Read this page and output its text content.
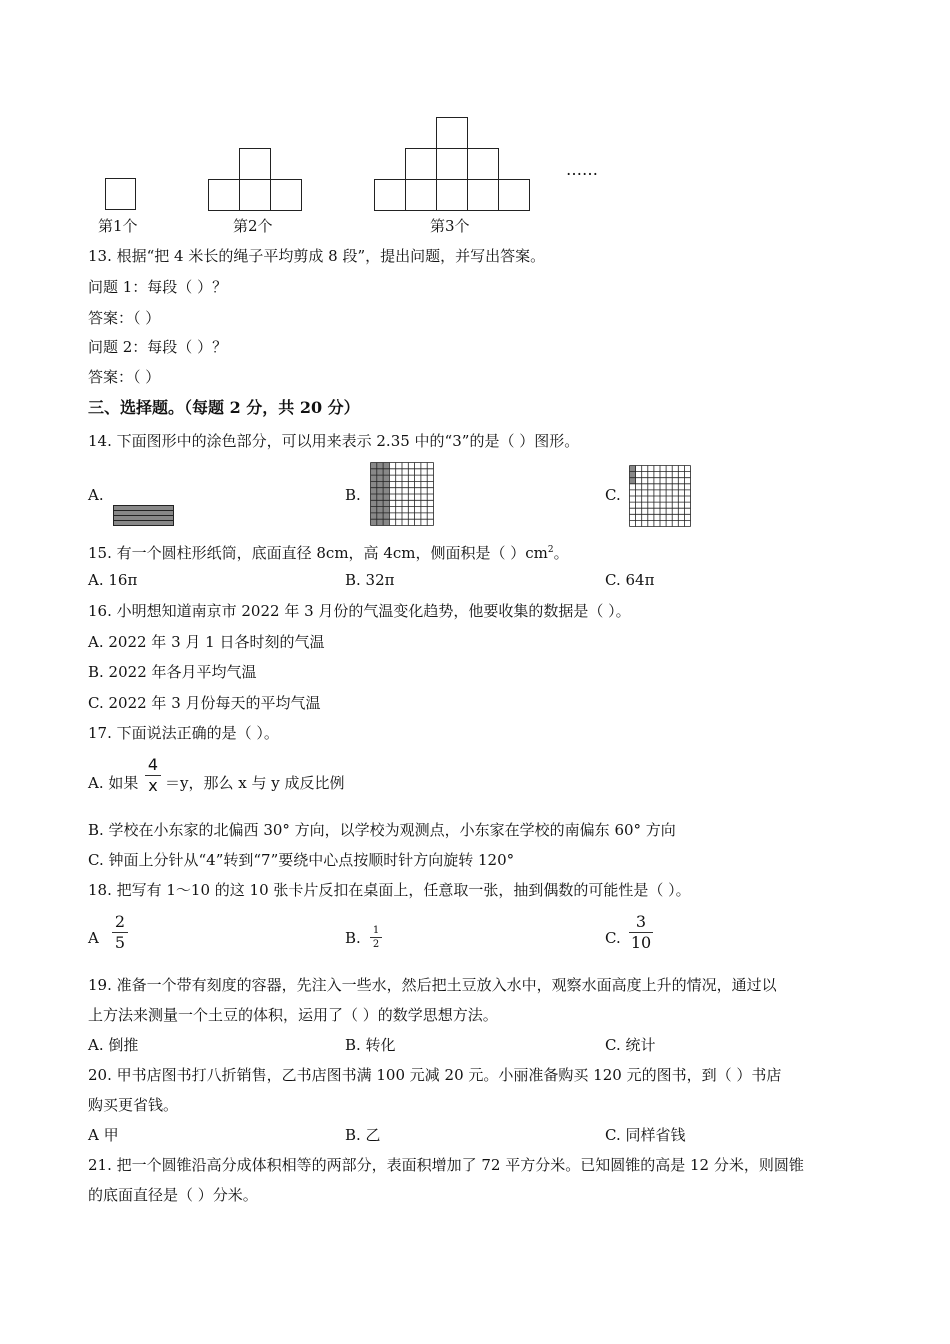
……
第1个	第2个	第3个
13. 根据“把 4 米长的绳子平均剪成 8 段”，提出问题，并写出答案。
问题 1：每段（ ）？
答案：（ ）
问题 2：每段（ ）？
答案：（ ）
三、选择题。（每题 2 分，共 20 分）
14. 下面图形中的涂色部分，可以用来表示 2.35 中的“3”的是（ ）图形。
A.	B.	C.
15. 有一个圆柱形纸筒，底面直径 8cm，高 4cm，侧面积是（ ）$cm^2$。
A. 16π	B. 32π	C. 64π
16. 小明想知道南京市 2022 年 3 月份的气温变化趋势，他要收集的数据是（ ）。
A. 2022 年 3 月 1 日各时刻的气温
B. 2022 年各月平均气温
C. 2022 年 3 月份每天的平均气温
17. 下面说法正确的是（ ）。
A. 如果
4
x ＝y，那么 x 与 y 成反比例
B. 学校在小东家的北偏西 30° 方向，以学校为观测点，小东家在学校的南偏东 60° 方向
C. 钟面上分针从“4”转到“7”要绕中心点按顺时针方向旋转 120°
18. 把写有 1～10 的这 10 张卡片反扣在桌面上，任意取一张，抽到偶数的可能性是（ ）。
A
2
5	B. 1
2	C.
3
10
19. 准备一个带有刻度的容器，先注入一些水，然后把土豆放入水中，观察水面高度上升的情况，通过以
上方法来测量一个土豆的体积，运用了（ ）的数学思想方法。
A. 倒推	B. 转化	C. 统计
20. 甲书店图书打八折销售，乙书店图书满 100 元减 20 元。小丽准备购买 120 元的图书，到（ ）书店
购买更省钱。
A 甲	B. 乙	C. 同样省钱
21. 把一个圆锥沿高分成体积相等的两部分，表面积增加了 72 平方分米。已知圆锥的高是 12 分米，则圆锥
的底面直径是（ ）分米。
